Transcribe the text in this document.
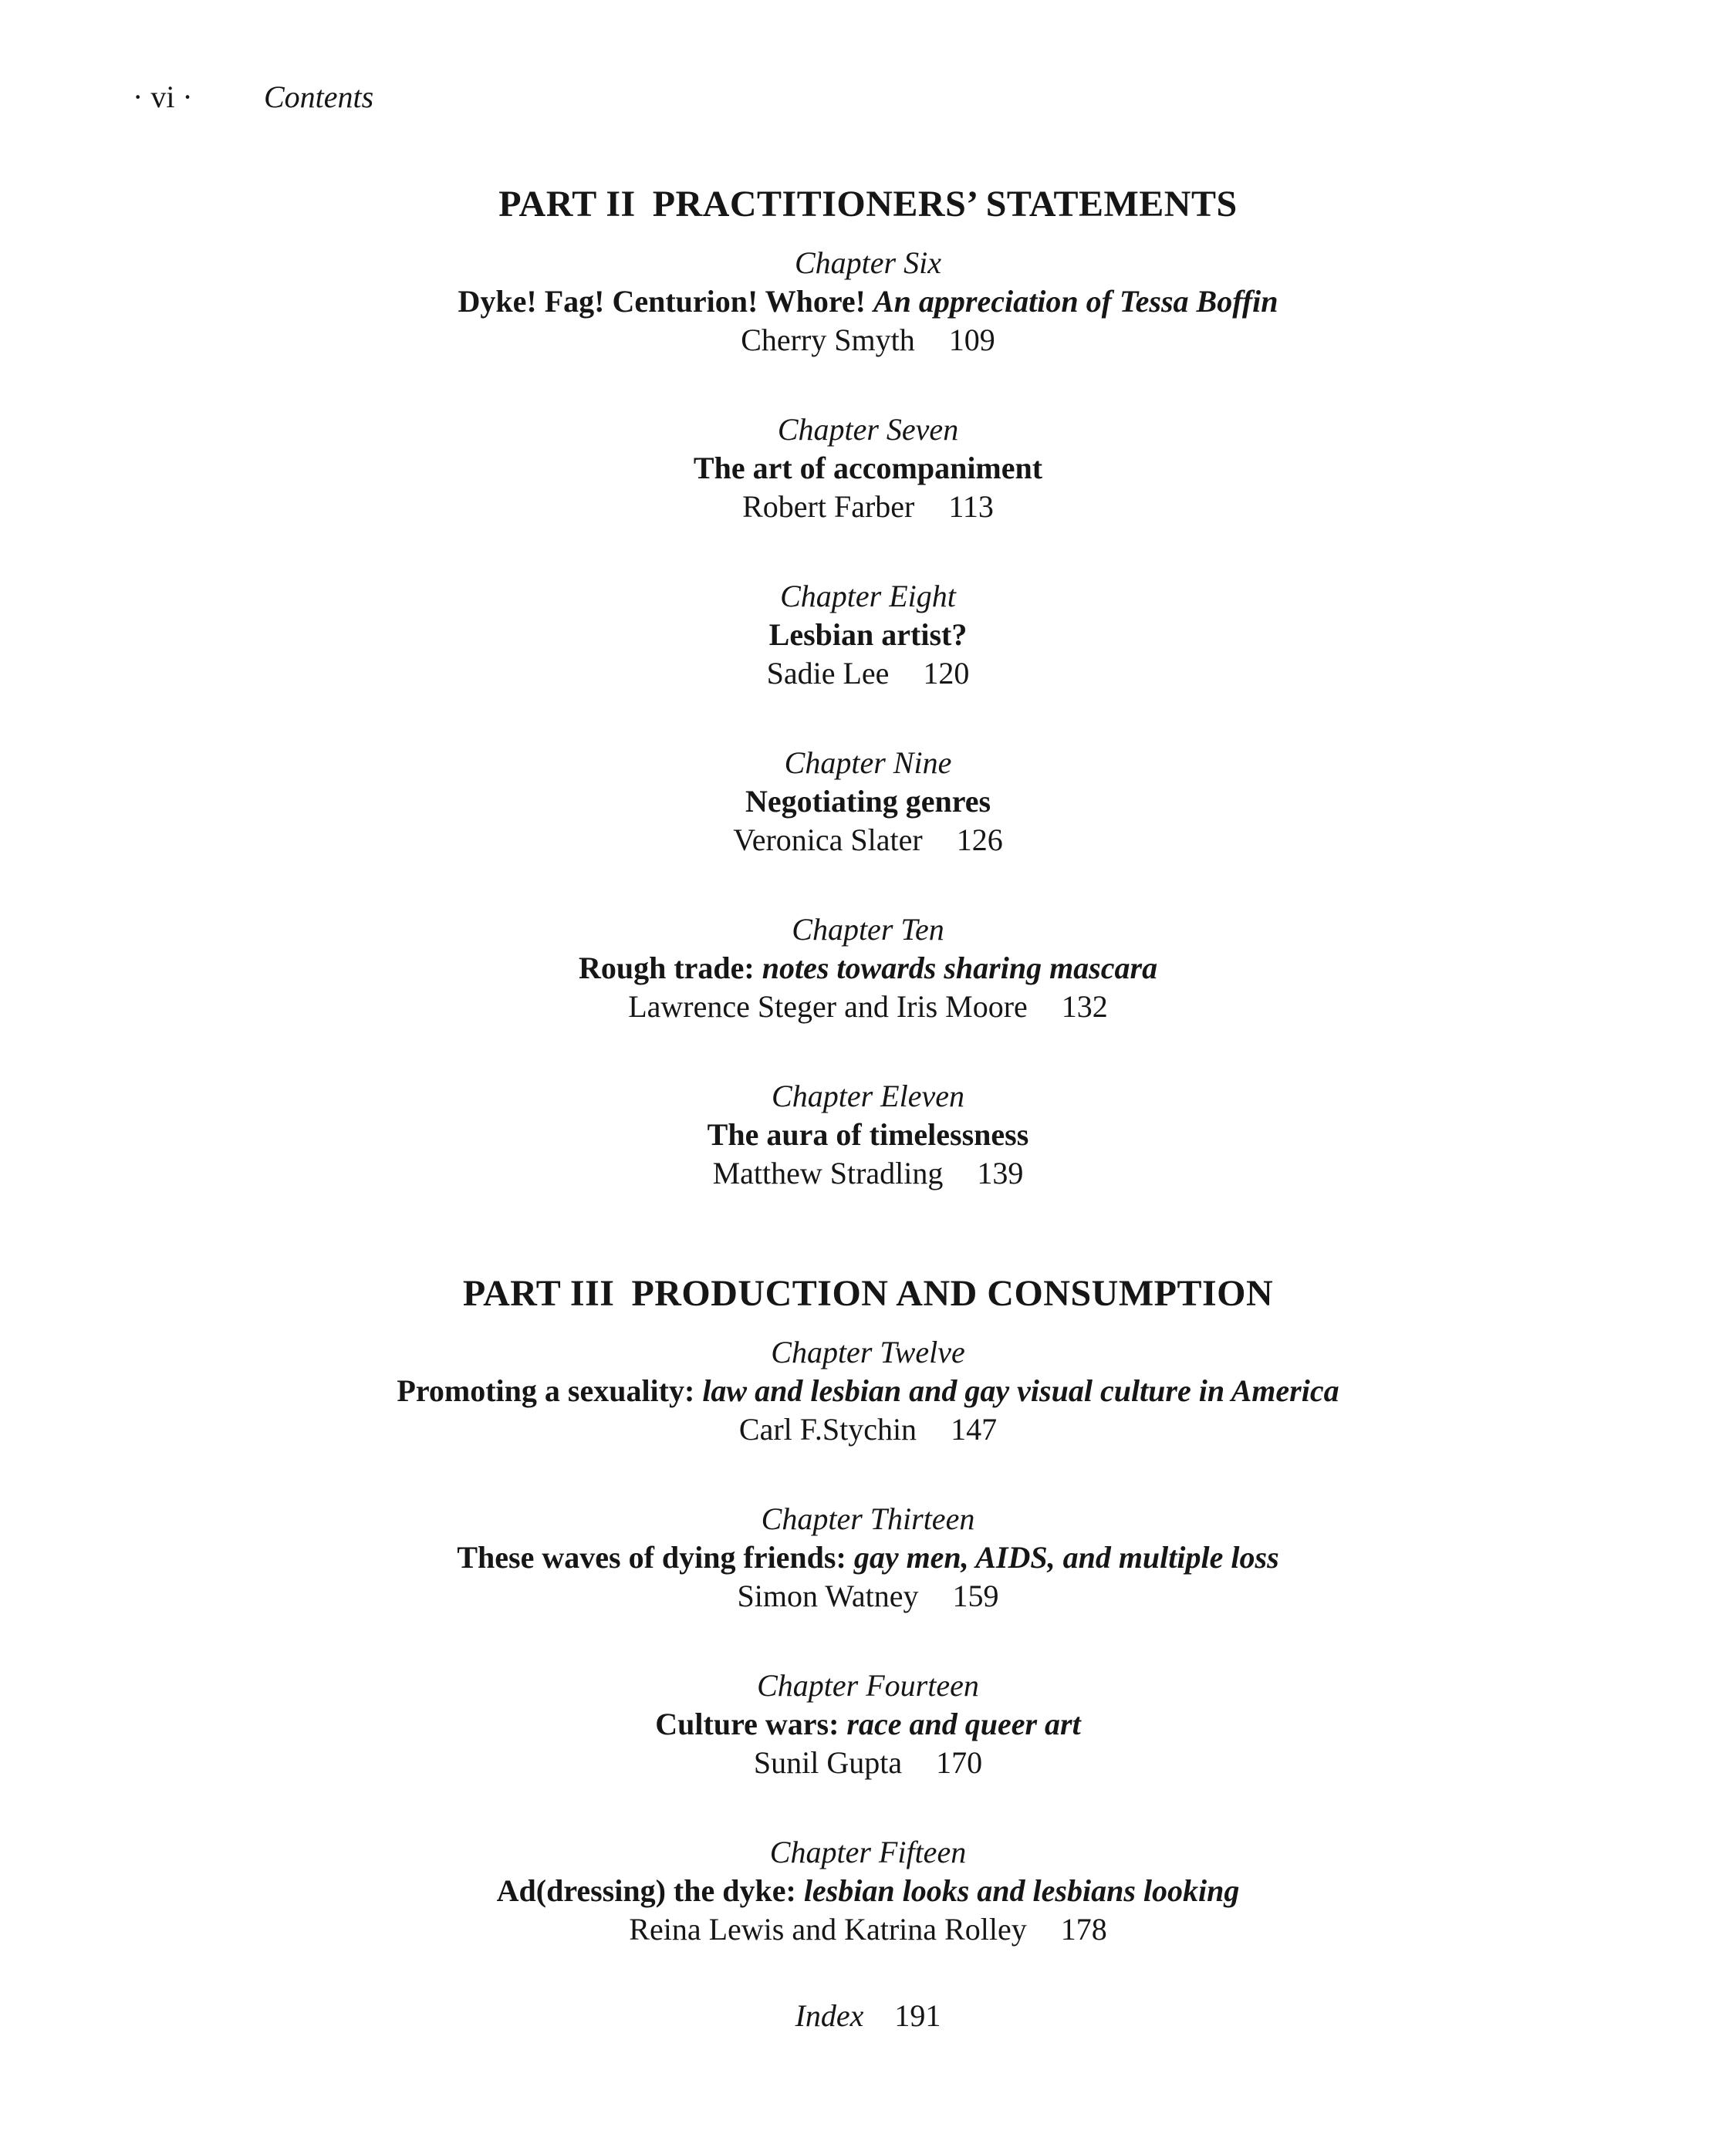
· vi · Contents
PART II PRACTITIONERS’ STATEMENTS
Chapter Six
Dyke! Fag! Centurion! Whore! An appreciation of Tessa Boffin
Cherry Smyth 109
Chapter Seven
The art of accompaniment
Robert Farber 113
Chapter Eight
Lesbian artist?
Sadie Lee 120
Chapter Nine
Negotiating genres
Veronica Slater 126
Chapter Ten
Rough trade: notes towards sharing mascara
Lawrence Steger and Iris Moore 132
Chapter Eleven
The aura of timelessness
Matthew Stradling 139
PART III PRODUCTION AND CONSUMPTION
Chapter Twelve
Promoting a sexuality: law and lesbian and gay visual culture in America
Carl F.Stychin 147
Chapter Thirteen
These waves of dying friends: gay men, AIDS, and multiple loss
Simon Watney 159
Chapter Fourteen
Culture wars: race and queer art
Sunil Gupta 170
Chapter Fifteen
Ad(dressing) the dyke: lesbian looks and lesbians looking
Reina Lewis and Katrina Rolley 178
Index 191
